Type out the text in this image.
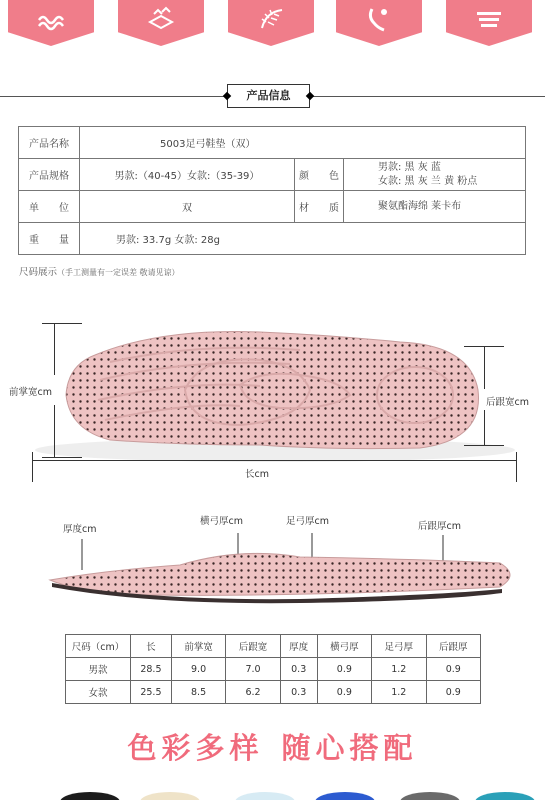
产品信息
产品名称	5003足弓鞋垫（双）		
产品规格	男款:（40-45）女款:（35-39）	颜　　色	男款: 黑 灰 蓝
女款: 黑 灰 兰 黄 粉点

单　　位	双	材　　质	聚氨酯海绵 莱卡布
重　　量	男款: 33.7g 女款: 28g		
尺码展示（手工测量有一定误差 敬请见谅）
前掌宽cm
后跟宽cm
长cm
厚度cm
横弓厚cm	足弓厚cm	后跟厚cm
尺码（cm）	长	前掌宽	后跟宽	厚度	横弓厚	足弓厚	后跟厚
男款	28.5	9.0	7.0	0.3	0.9	1.2	0.9
女款	25.5	8.5	6.2	0.3	0.9	1.2	0.9
色彩多样 随心搭配
